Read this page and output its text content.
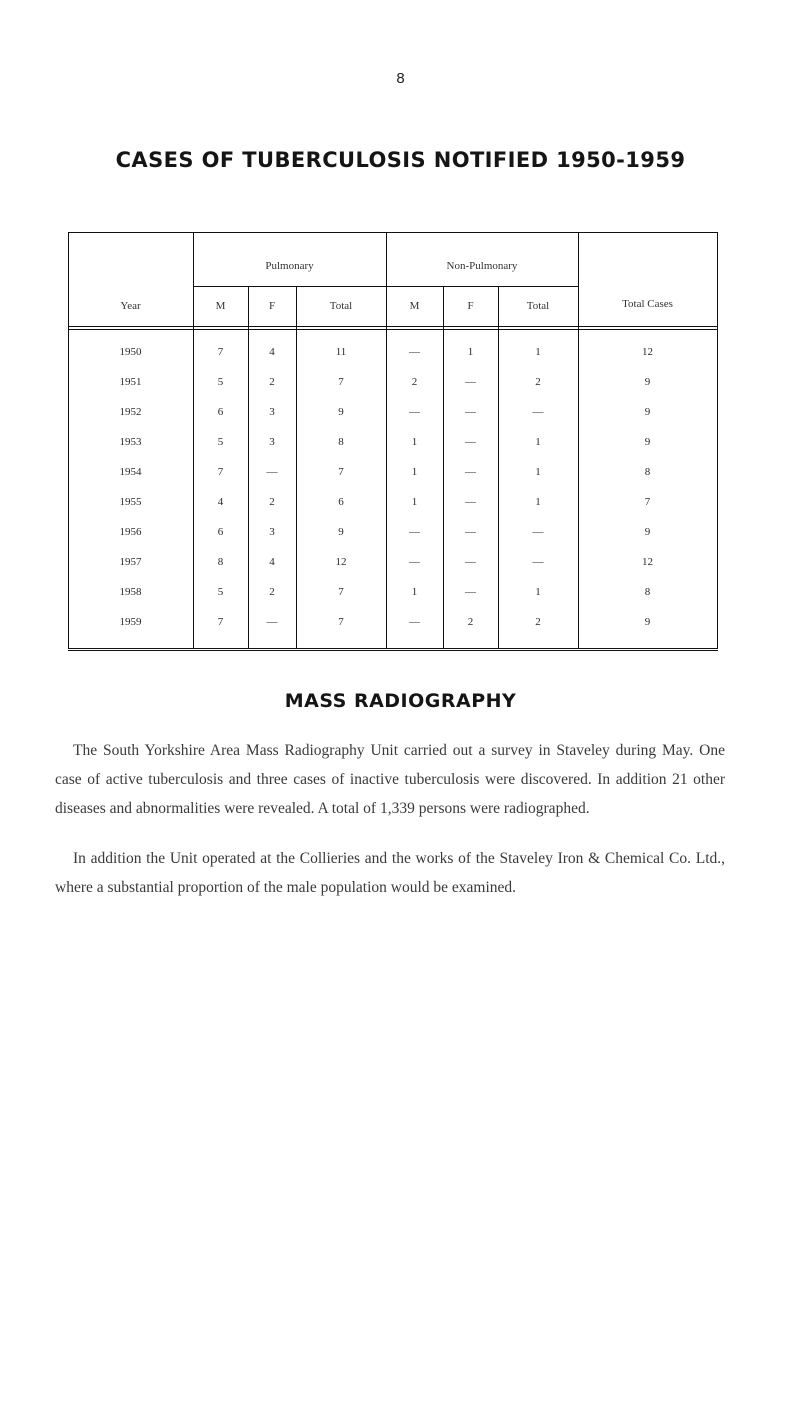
8
CASES OF TUBERCULOSIS NOTIFIED 1950-1959
Pulmonary	Non-Pulmonary
Year	M	F	Total	M	F	Total	Total Cases
1950	7	4	11	—	1	1	12
1951	5	2	7	2	—	2	9
1952	6	3	9	—	—	—	9
1953	5	3	8	1	—	1	9
1954	7	—	7	1	—	1	8
1955	4	2	6	1	—	1	7
1956	6	3	9	—	—	—	9
1957	8	4	12	—	—	—	12
1958	5	2	7	1	—	1	8
1959	7	—	7	—	2	2	9
MASS RADIOGRAPHY

The South Yorkshire Area Mass Radiography Unit carried out a survey in Staveley during May. One case of active tuberculosis and three cases of inactive tuberculosis were discovered. In addition 21 other diseases and abnormalities were revealed. A total of 1,339 persons were radiographed.

In addition the Unit operated at the Collieries and the works of the Staveley Iron & Chemical Co. Ltd., where a substantial proportion of the male population would be examined.
